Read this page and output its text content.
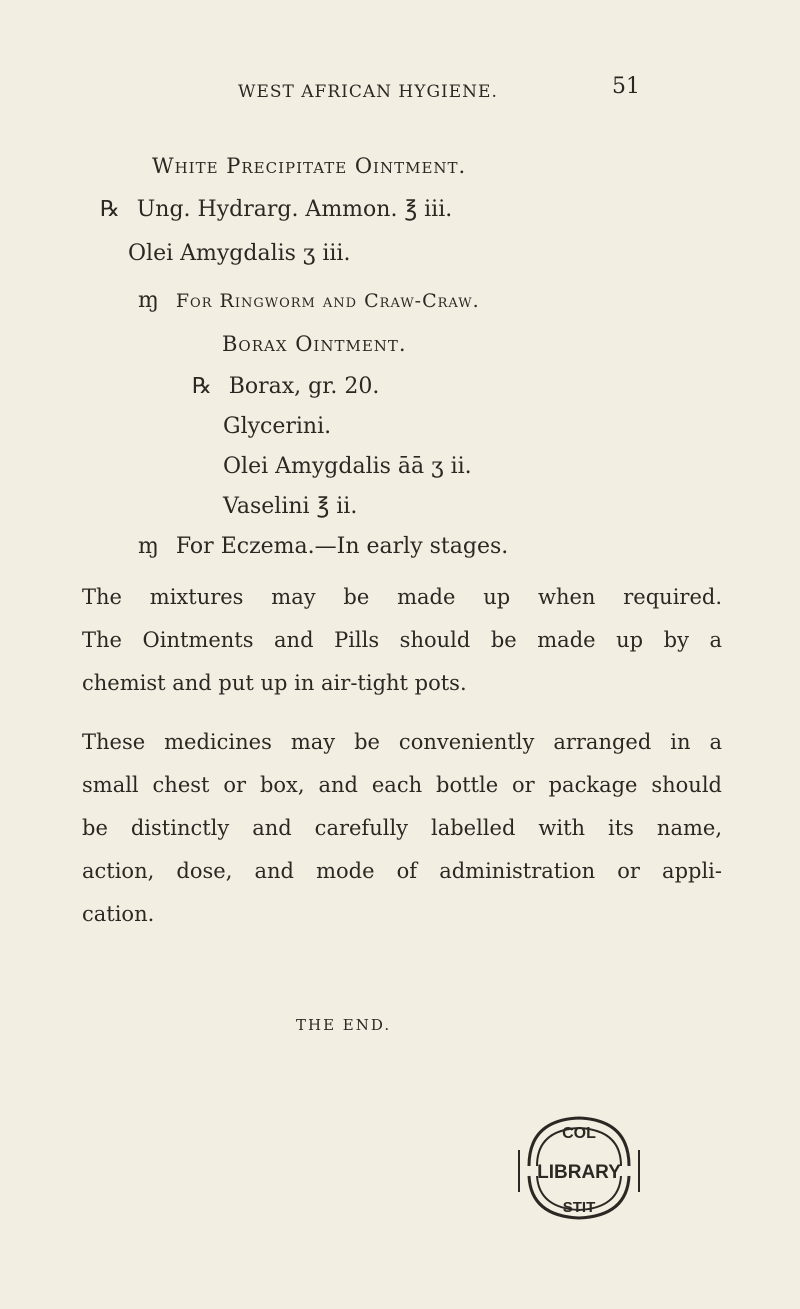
WEST AFRICAN HYGIENE.	51
White Precipitate Ointment.
℞ Ung. Hydrarg. Ammon. ℥ iii.
Olei Amygdalis ʒ iii.
ɱ For Ringworm and Craw-Craw.
Borax Ointment.
℞ Borax, gr. 20.
Glycerini.
Olei Amygdalis āā ʒ ii.
Vaselini ℥ ii.
ɱ For Eczema.—In early stages.
The mixtures may be made up when required.
The Ointments and Pills should be made up by a
chemist and put up in air-tight pots.
These medicines may be conveniently arranged in a
small chest or box, and each bottle or package should
be distinctly and carefully labelled with its name,
action, dose, and mode of administration or appli-
cation.
THE END.
COL
LIBRARY
STIT
